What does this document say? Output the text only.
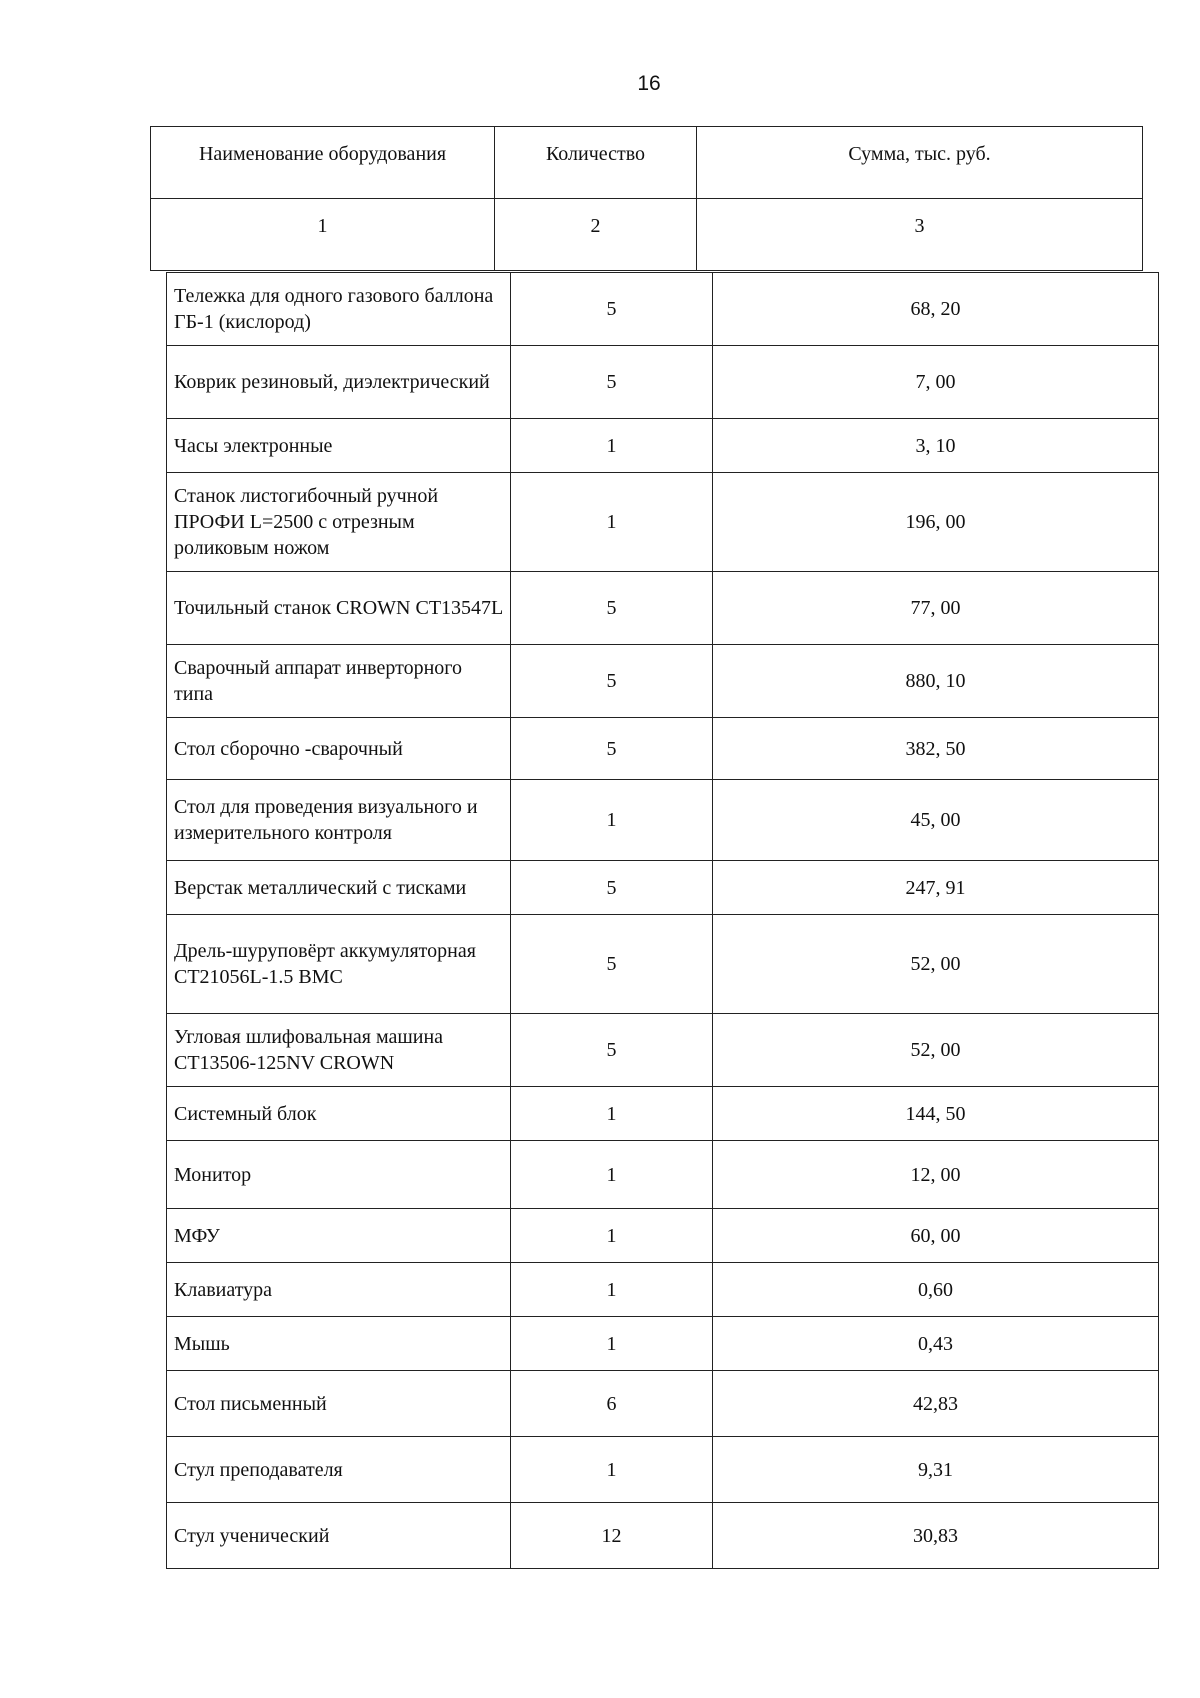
16
Наименование оборудования	Количество	Сумма, тыс. руб.
1	2	3
Тележка для одного газового баллона ГБ-1 (кислород)	5	68, 20
Коврик резиновый, диэлектрический	5	7, 00
Часы электронные	1	3, 10
Станок листогибочный ручной ПРОФИ L=2500 с отрезным роликовым ножом	1	196, 00
Точильный станок CROWN CT13547L	5	77, 00
Сварочный аппарат инверторного типа	5	880, 10
Стол сборочно -сварочный	5	382, 50
Стол для проведения визуального и измерительного контроля	1	45, 00
Верстак металлический с тисками	5	247, 91
Дрель-шуруповёрт аккумуляторная CT21056L-1.5 BMC	5	52, 00
Угловая шлифовальная машина CT13506-125NV CROWN	5	52, 00
Системный блок	1	144, 50
Монитор	1	12, 00
МФУ	1	60, 00
Клавиатура	1	0,60
Мышь	1	0,43
Стол письменный	6	42,83
Стул преподавателя	1	9,31
Стул ученический	12	30,83
